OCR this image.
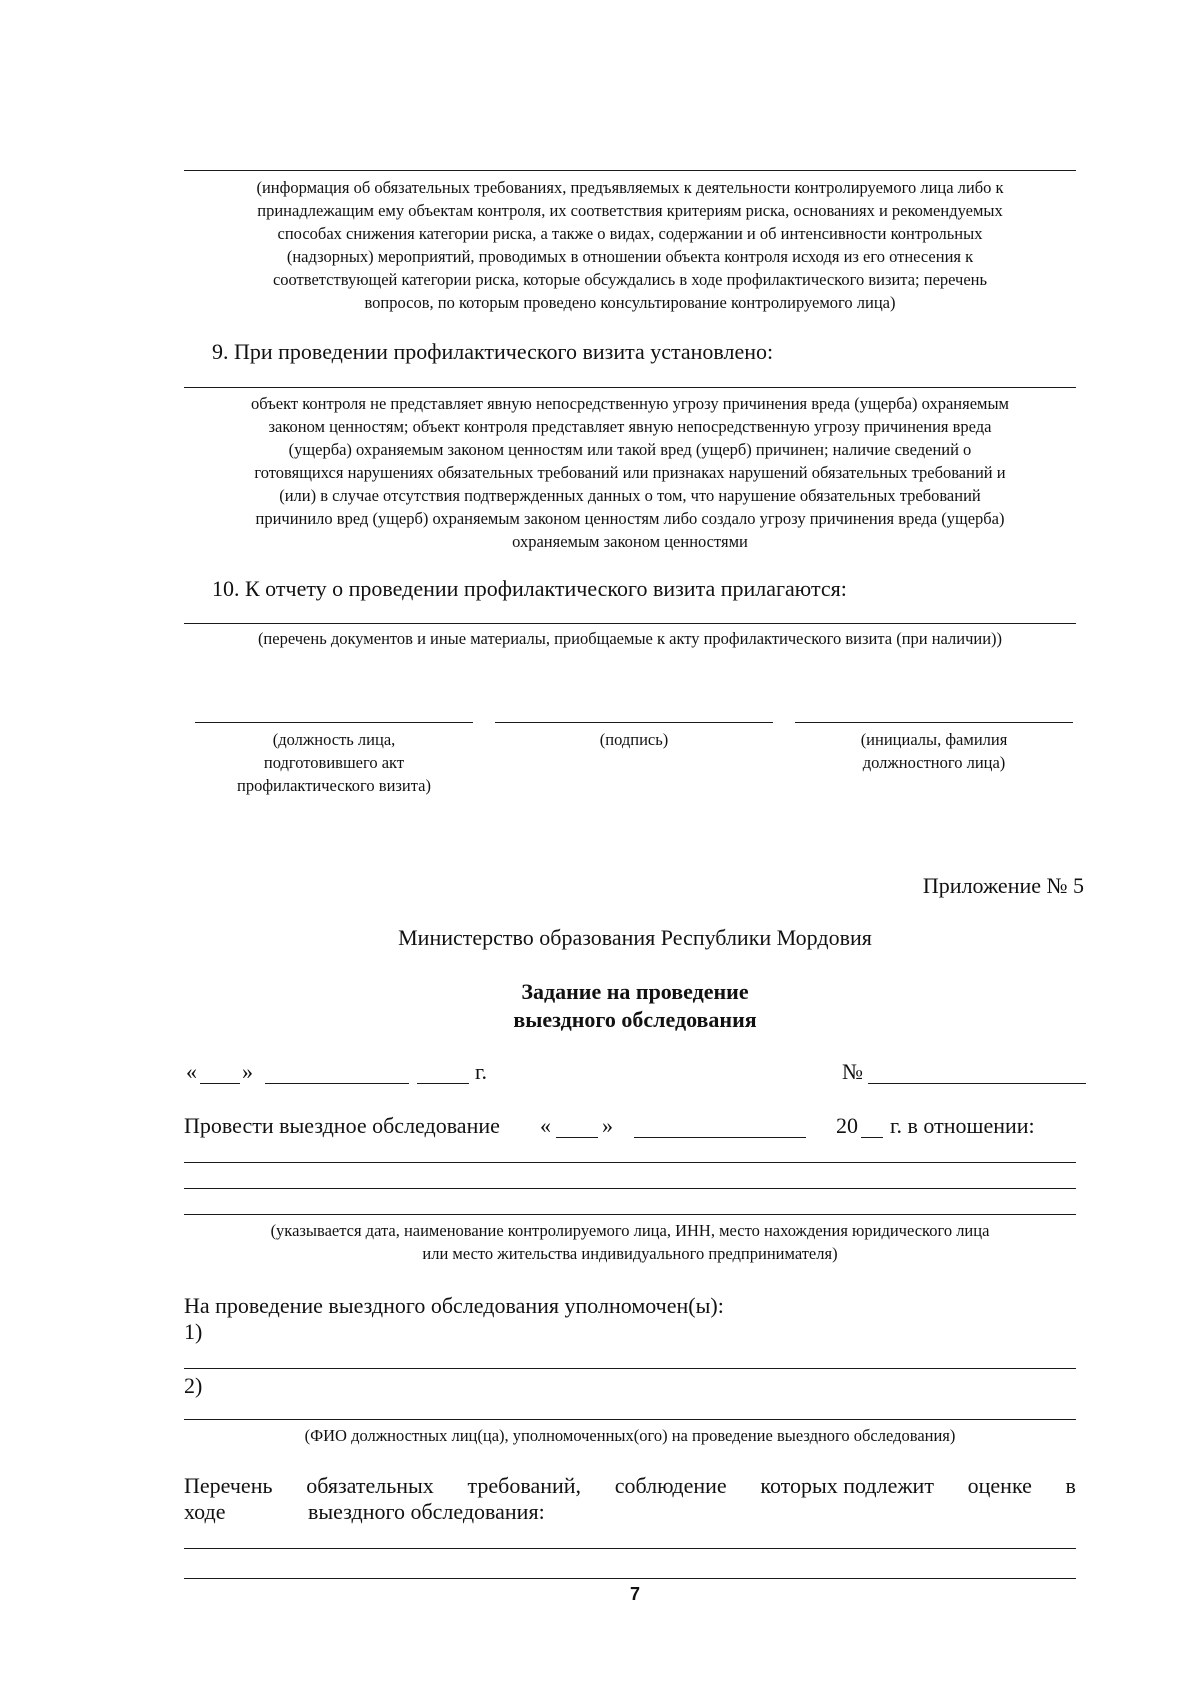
(информация об обязательных требованиях, предъявляемых к деятельности контролируемого лица либо к

принадлежащим ему объектам контроля, их соответствия критериям риска, основаниях и рекомендуемых

способах снижения категории риска, а также о видах, содержании и об интенсивности контрольных

(надзорных) мероприятий, проводимых в отношении объекта контроля исходя из его отнесения к

соответствующей категории риска, которые обсуждались в ходе профилактического визита; перечень

вопросов, по которым проведено консультирование контролируемого лица)

9. При проведении профилактического визита установлено:

объект контроля не представляет явную непосредственную угрозу причинения вреда (ущерба) охраняемым

законом ценностям; объект контроля представляет явную непосредственную угрозу причинения вреда

(ущерба) охраняемым законом ценностям или такой вред (ущерб) причинен; наличие сведений о

готовящихся нарушениях обязательных требований или признаках нарушений обязательных требований и

(или) в случае отсутствия подтвержденных данных о том, что нарушение обязательных требований

причинило вред (ущерб) охраняемым законом ценностям либо создало угрозу причинения вреда (ущерба)

охраняемым законом ценностями

10. К отчету о проведении профилактического визита прилагаются:
(перечень документов и иные материалы, приобщаемые к акту профилактического визита (при наличии))

(должность лица,

подготовившего акт

профилактического визита)

(подпись)	(инициалы, фамилия

должностного лица)

Приложение № 5
Министерство образования Республики Мордовия
Задание на проведение
выездного обследования
« »	г.	№
Провести выездное обследование « »	20 г. в отношении:

(указывается дата, наименование контролируемого лица, ИНН, место нахождения юридического лица

или место жительства индивидуального предпринимателя)

На проведение выездного обследования уполномочен(ы):
1)
2)
(ФИО должностных лиц(ца), уполномоченных(ого) на проведение выездного обследования)
Перечень обязательных требований, соблюдение которых подлежит оценке в
ходе	выездного обследования:
7
